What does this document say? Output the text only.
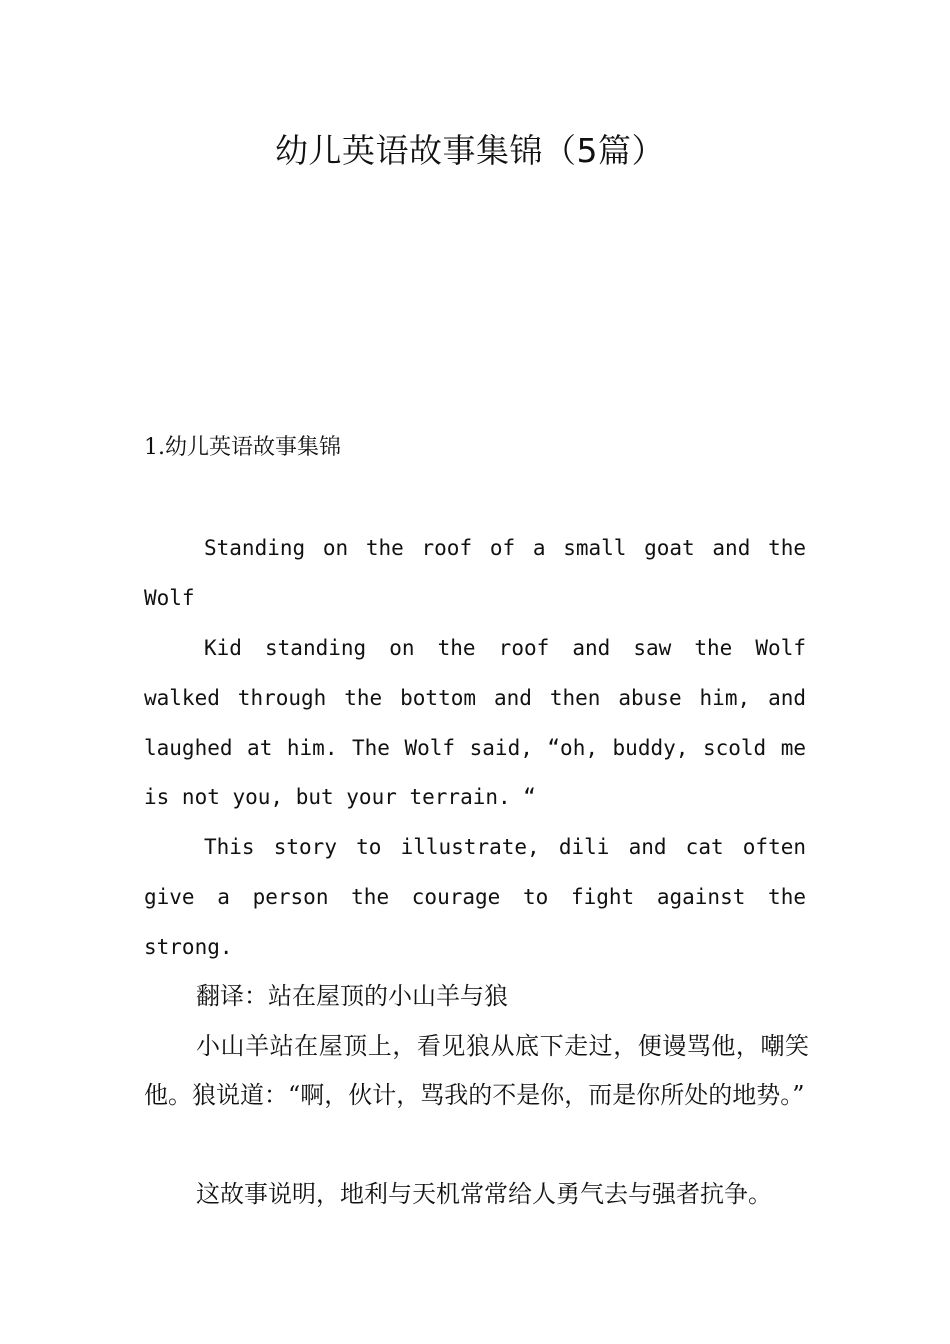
幼儿英语故事集锦（5篇）
1.幼儿英语故事集锦

Standing on the roof of a small goat and the Wolf

Kid standing on the roof and saw the Wolf walked through the bottom and then abuse him, and laughed at him. The Wolf said, “oh, buddy, scold me is not you, but your terrain. “

This story to illustrate, dili and cat often give a person the courage to fight against the strong.

翻译：站在屋顶的小山羊与狼

小山羊站在屋顶上，看见狼从底下走过，便谩骂他，嘲笑他。狼说道：“啊，伙计，骂我的不是你，而是你所处的地势。”

这故事说明，地利与天机常常给人勇气去与强者抗争。
